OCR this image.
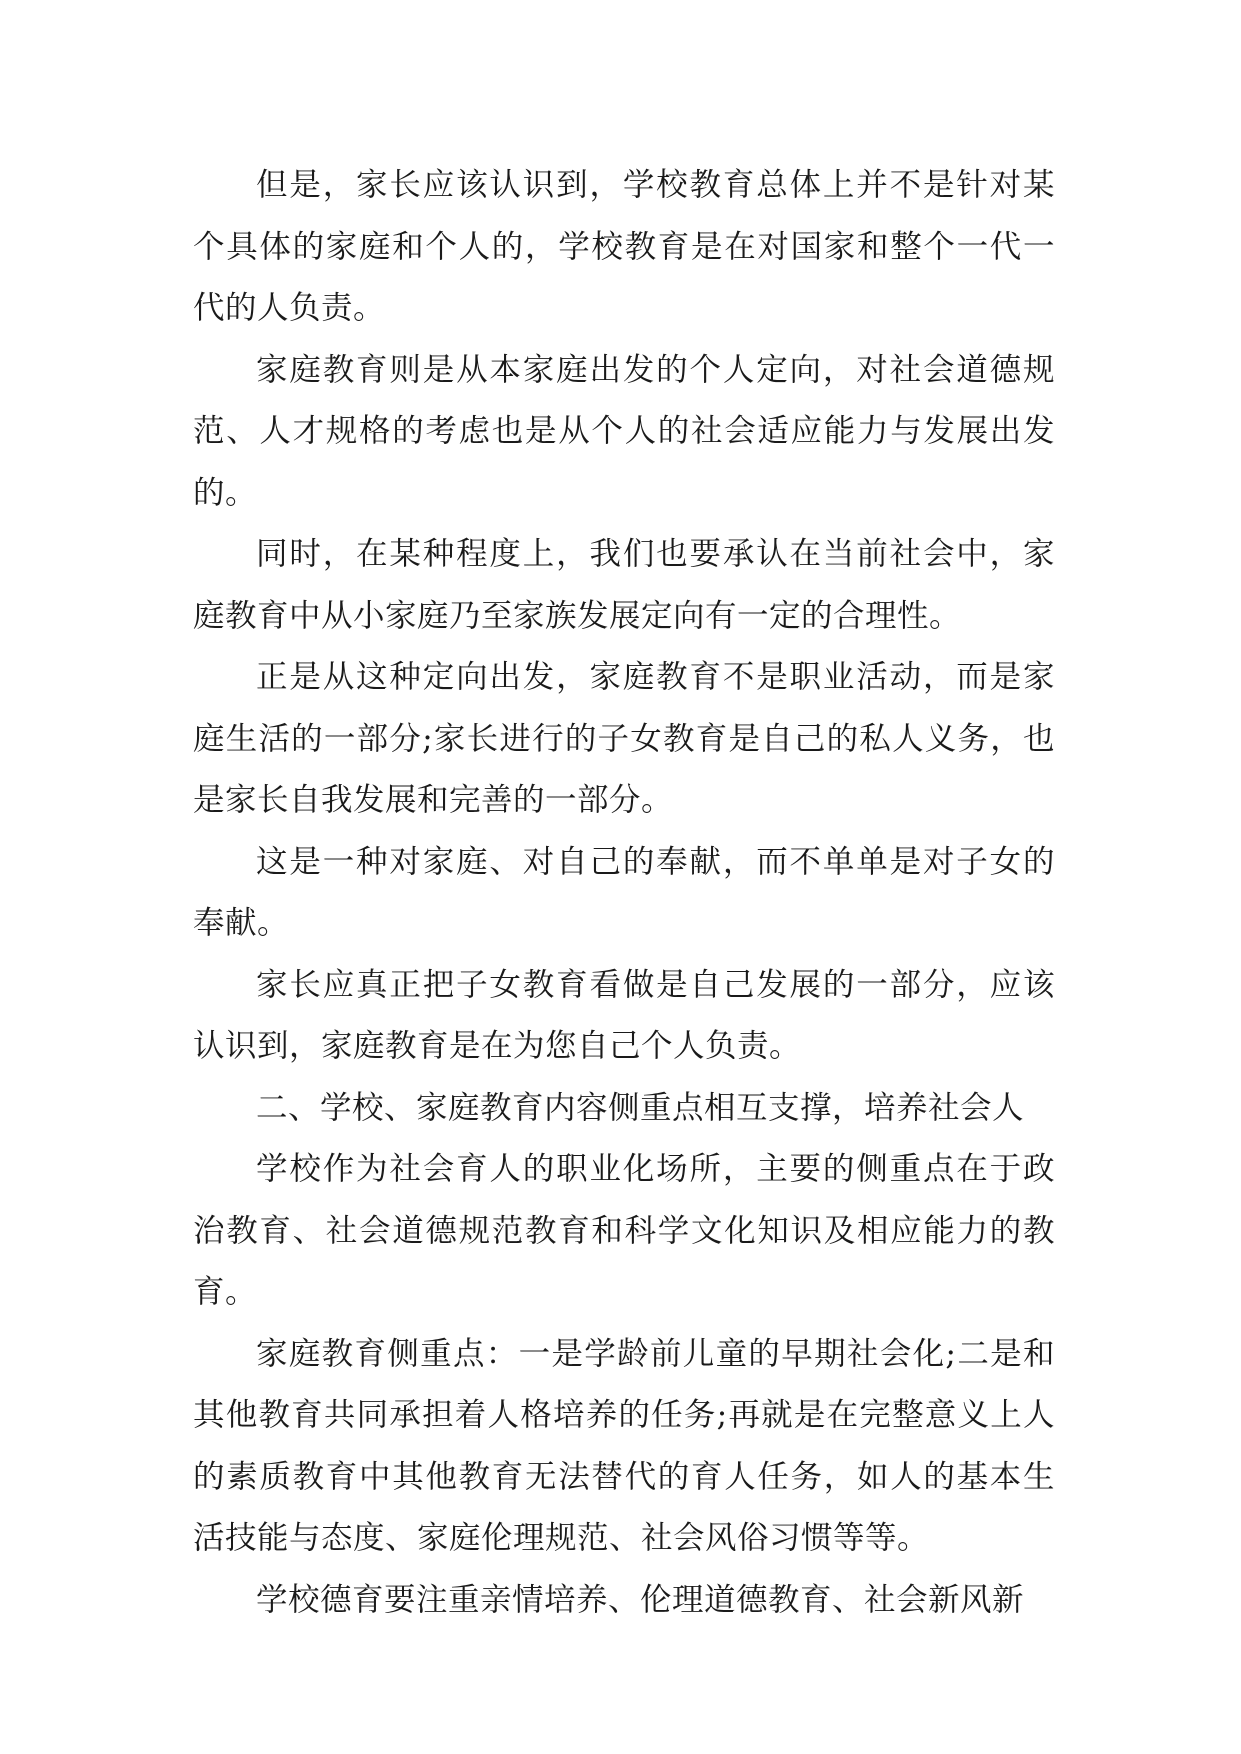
但是，家长应该认识到，学校教育总体上并不是针对某个具体的家庭和个人的，学校教育是在对国家和整个一代一代的人负责。

家庭教育则是从本家庭出发的个人定向，对社会道德规范、人才规格的考虑也是从个人的社会适应能力与发展出发的。

同时，在某种程度上，我们也要承认在当前社会中，家庭教育中从小家庭乃至家族发展定向有一定的合理性。

正是从这种定向出发，家庭教育不是职业活动，而是家庭生活的一部分;家长进行的子女教育是自己的私人义务，也是家长自我发展和完善的一部分。

这是一种对家庭、对自己的奉献，而不单单是对子女的奉献。

家长应真正把子女教育看做是自己发展的一部分，应该认识到，家庭教育是在为您自己个人负责。

二、学校、家庭教育内容侧重点相互支撑，培养社会人

学校作为社会育人的职业化场所，主要的侧重点在于政治教育、社会道德规范教育和科学文化知识及相应能力的教育。

家庭教育侧重点：一是学龄前儿童的早期社会化;二是和其他教育共同承担着人格培养的任务;再就是在完整意义上人的素质教育中其他教育无法替代的育人任务，如人的基本生活技能与态度、家庭伦理规范、社会风俗习惯等等。

学校德育要注重亲情培养、伦理道德教育、社会新风新
